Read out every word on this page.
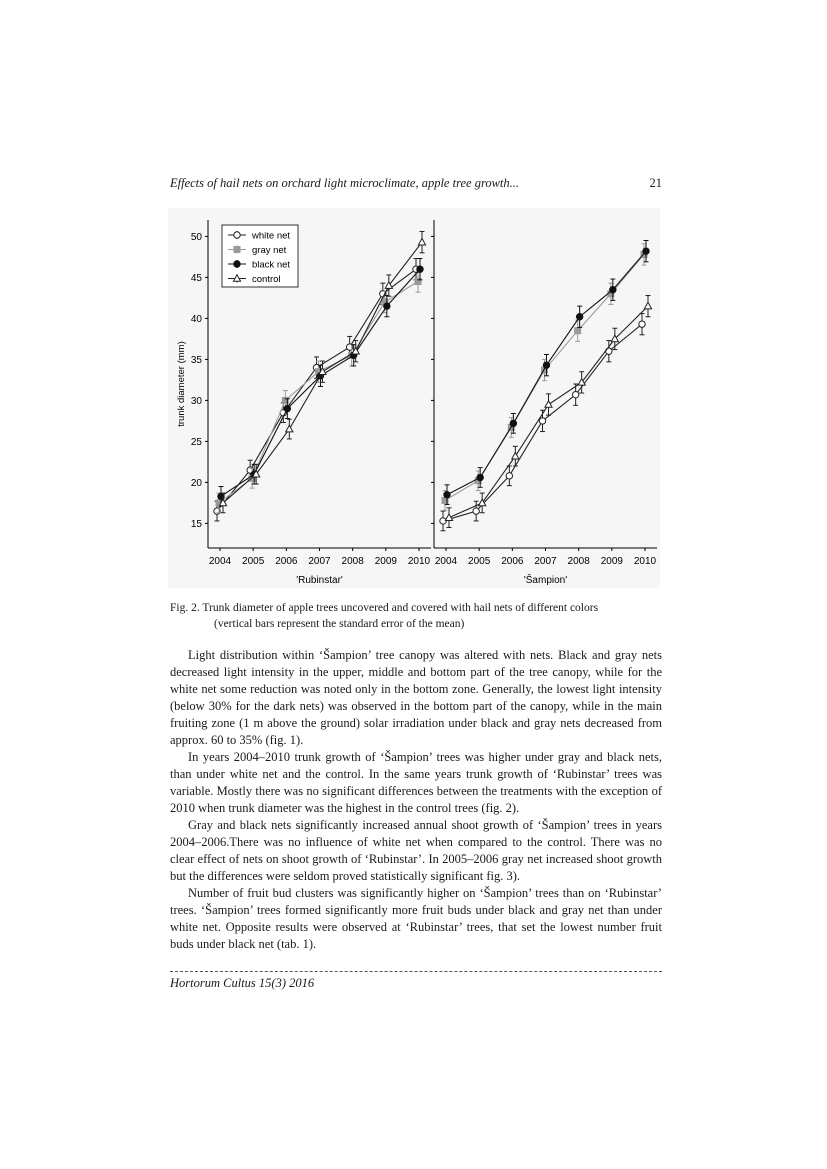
Effects of hail nets on orchard light microclimate, apple tree growth...	21
15
20
25
30
35
40
45
50
2004 2005 2006 2007 2008 2009 2010
'Rubinstar'
trunk diameter (mm)
white net
gray net
black net
control
2004 2005 2006 2007 2008 2009 2010
'Šampion'
Fig. 2. Trunk diameter of apple trees uncovered and covered with hail nets of different colors
(vertical bars represent the standard error of the mean)

Light distribution within ‘Šampion’ tree canopy was altered with nets. Black and gray nets decreased light intensity in the upper, middle and bottom part of the tree canopy, while for the white net some reduction was noted only in the bottom zone. Generally, the lowest light intensity (below 30% for the dark nets) was observed in the bottom part of the canopy, while in the main fruiting zone (1 m above the ground) solar irradiation under black and gray nets decreased from approx. 60 to 35% (fig. 1).

In years 2004–2010 trunk growth of ‘Šampion’ trees was higher under gray and black nets, than under white net and the control. In the same years trunk growth of ‘Rubinstar’ trees was variable. Mostly there was no significant differences between the treatments with the exception of 2010 when trunk diameter was the highest in the control trees (fig. 2).

Gray and black nets significantly increased annual shoot growth of ‘Šampion’ trees in years 2004–2006.There was no influence of white net when compared to the control. There was no clear effect of nets on shoot growth of ‘Rubinstar’. In 2005–2006 gray net increased shoot growth but the differences were seldom proved statistically significant fig. 3).

Number of fruit bud clusters was significantly higher on ‘Šampion’ trees than on ‘Rubinstar’ trees. ‘Šampion’ trees formed significantly more fruit buds under black and gray net than under white net. Opposite results were observed at ‘Rubinstar’ trees, that set the lowest number fruit buds under black net (tab. 1).

Hortorum Cultus 15(3) 2016
